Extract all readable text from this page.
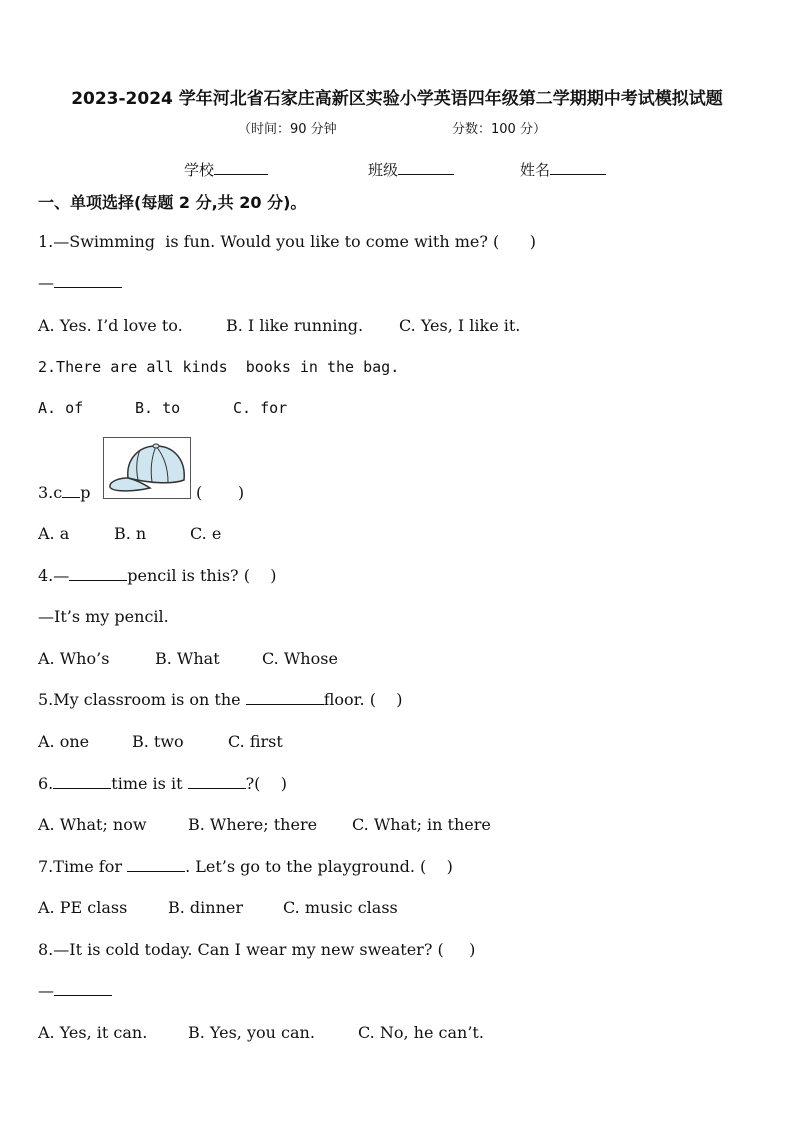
2023-2024 学年河北省石家庄高新区实验小学英语四年级第二学期期中考试模拟试题
（时间：90 分钟	分数：100 分）
学校	班级	姓名
一、单项选择(每题 2 分,共 20 分)。
1.—Swimming  is fun. Would you like to come with me? (      )
—
A. Yes. I’d love to.	B. I like running. C. Yes, I like it.
2.There are all kinds  books in the bag.
A. of	B. to	C. for
3.c p	(       )
A. a	B. n	C. e
4.—	pencil is this? (    )
—It’s my pencil.
A. Who’s	B. What	C. Whose
5.My classroom is on the	floor. (    )
A. one	B. two	C. first
6.	time is it	?(    )
A. What; now	B. Where; there C. What; in there
7.Time for	. Let’s go to the playground. (    )
A. PE class	B. dinner C. music class
8.—It is cold today. Can I wear my new sweater? (     )
—
A. Yes, it can.	B. Yes, you can.	C. No, he can’t.
